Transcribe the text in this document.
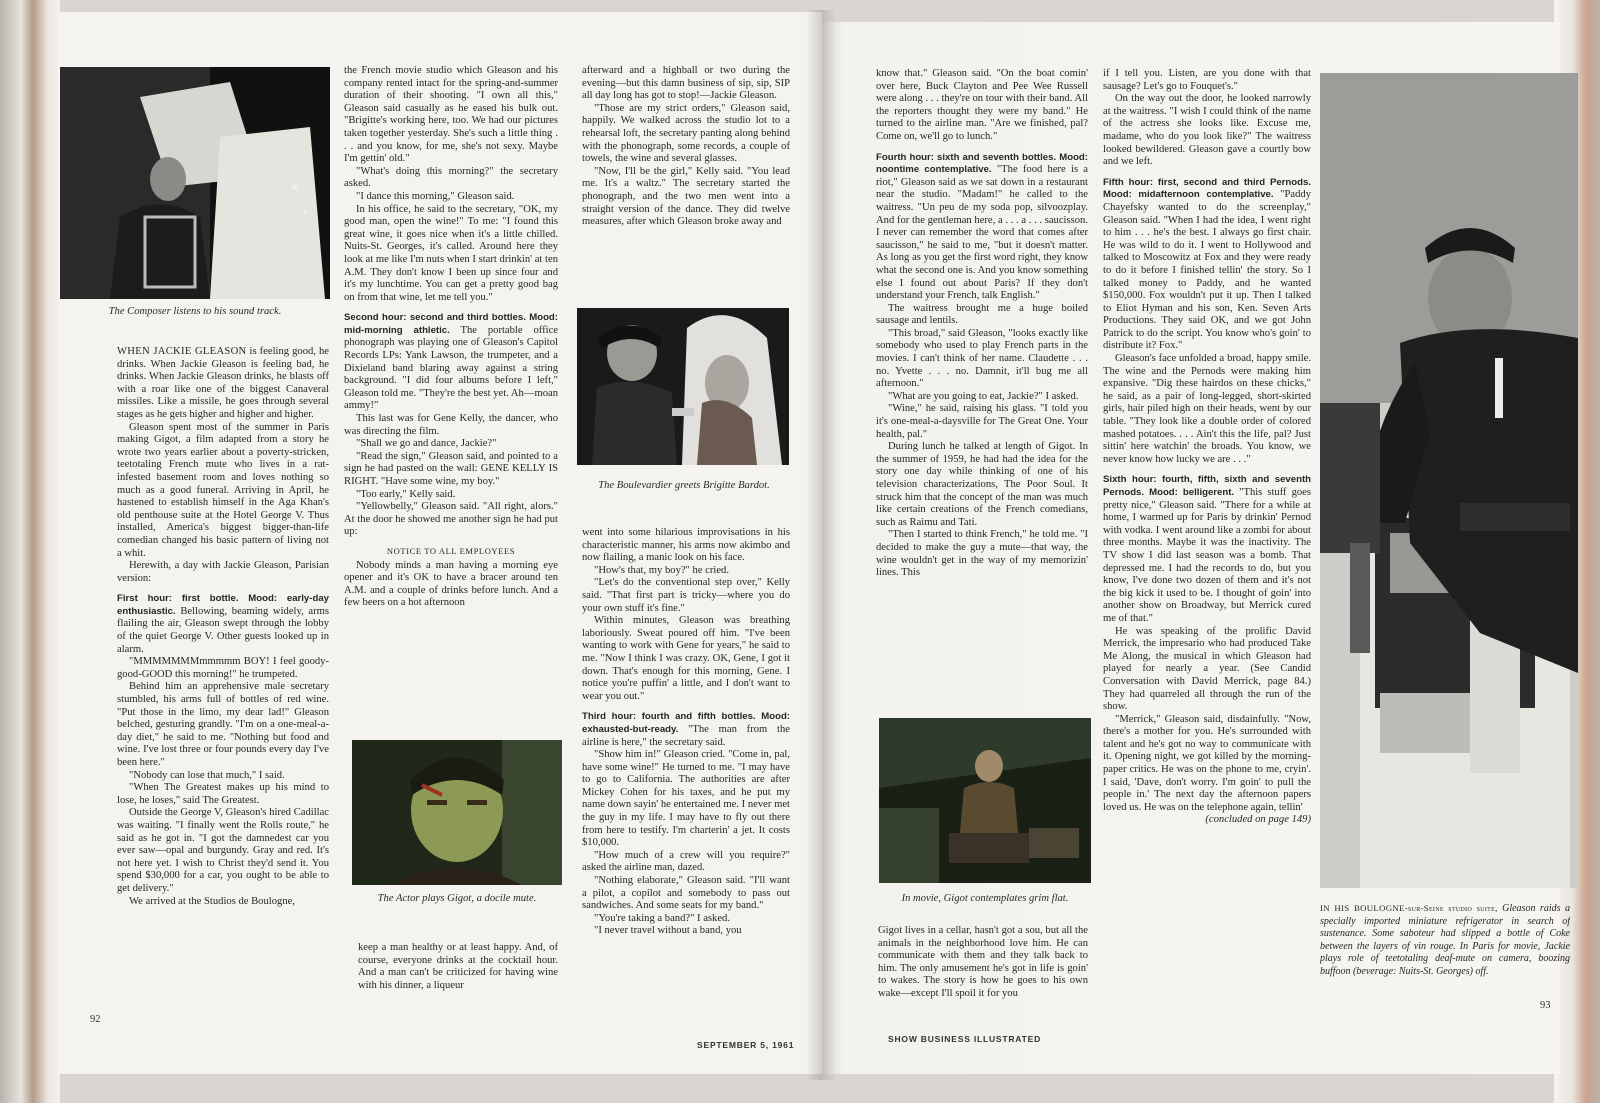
The Composer listens to his sound track.

WHEN JACKIE GLEASON is feeling good, he drinks. When Jackie Gleason is feeling bad, he drinks. When Jackie Gleason drinks, he blasts off with a roar like one of the biggest Canaveral missiles. Like a missile, he goes through several stages as he gets higher and higher and higher.

Gleason spent most of the summer in Paris making Gigot, a film adapted from a story he wrote two years earlier about a poverty-stricken, teetotaling French mute who lives in a rat-infested basement room and loves nothing so much as a good funeral. Arriving in April, he hastened to establish himself in the Aga Khan's old penthouse suite at the Hotel George V. Thus installed, America's biggest bigger-than-life comedian changed his basic pattern of living not a whit.

Herewith, a day with Jackie Gleason, Parisian version:

First hour: first bottle. Mood: early-day enthusiastic. Bellowing, beaming widely, arms flailing the air, Gleason swept through the lobby of the quiet George V. Other guests looked up in alarm.

"MMMMMMMmmmmm BOY! I feel goody-good-GOOD this morning!" he trumpeted.

Behind him an apprehensive male secretary stumbled, his arms full of bottles of red wine. "Put those in the limo, my dear lad!" Gleason belched, gesturing grandly. "I'm on a one-meal-a-day diet," he said to me. "Nothing but food and wine. I've lost three or four pounds every day I've been here."

"Nobody can lose that much," I said.

"When The Greatest makes up his mind to lose, he loses," said The Greatest.

Outside the George V, Gleason's hired Cadillac was waiting. "I finally went the Rolls route," he said as he got in. "I got the damnedest car you ever saw—opal and burgundy. Gray and red. It's not here yet. I wish to Christ they'd send it. You spend $30,000 for a car, you ought to be able to get delivery."

We arrived at the Studios de Boulogne,

the French movie studio which Gleason and his company rented intact for the spring-and-summer duration of their shooting. "I own all this," Gleason said casually as he eased his bulk out. "Brigitte's working here, too. We had our pictures taken together yesterday. She's such a little thing . . . and you know, for me, she's not sexy. Maybe I'm gettin' old."

"What's doing this morning?" the secretary asked.

"I dance this morning," Gleason said.

In his office, he said to the secretary, "OK, my good man, open the wine!" To me: "I found this great wine, it goes nice when it's a little chilled. Nuits-St. Georges, it's called. Around here they look at me like I'm nuts when I start drinkin' at ten A.M. They don't know I been up since four and it's my lunchtime. You can get a pretty good bag on from that wine, let me tell you."

Second hour: second and third bottles. Mood: mid-morning athletic. The portable office phonograph was playing one of Gleason's Capitol Records LPs: Yank Lawson, the trumpeter, and a Dixieland band blaring away against a string background. "I did four albums before I left," Gleason told me. "They're the best yet. Ah—moan ammy!"

This last was for Gene Kelly, the dancer, who was directing the film.

"Shall we go and dance, Jackie?"

"Read the sign," Gleason said, and pointed to a sign he had pasted on the wall: GENE KELLY IS RIGHT. "Have some wine, my boy."

"Too early," Kelly said.

"Yellowbelly," Gleason said. "All right, alors." At the door he showed me another sign he had put up:

NOTICE TO ALL EMPLOYEES

Nobody minds a man having a morning eye opener and it's OK to have a bracer around ten A.M. and a couple of drinks before lunch. And a few beers on a hot afternoon

The Actor plays Gigot, a docile mute.

keep a man healthy or at least happy. And, of course, everyone drinks at the cocktail hour. And a man can't be criticized for having wine with his dinner, a liqueur

afterward and a highball or two during the evening—but this damn business of sip, sip, SIP all day long has got to stop!—Jackie Gleason.

"Those are my strict orders," Gleason said, happily. We walked across the studio lot to a rehearsal loft, the secretary panting along behind with the phonograph, some records, a couple of towels, the wine and several glasses.

"Now, I'll be the girl," Kelly said. "You lead me. It's a waltz." The secretary started the phonograph, and the two men went into a straight version of the dance. They did twelve measures, after which Gleason broke away and

The Boulevardier greets Brigitte Bardot.

went into some hilarious improvisations in his characteristic manner, his arms now akimbo and now flailing, a manic look on his face.

"How's that, my boy?" he cried.

"Let's do the conventional step over," Kelly said. "That first part is tricky—where you do your own stuff it's fine."

Within minutes, Gleason was breathing laboriously. Sweat poured off him. "I've been wanting to work with Gene for years," he said to me. "Now I think I was crazy. OK, Gene, I got it down. That's enough for this morning, Gene. I notice you're puffin' a little, and I don't want to wear you out."

Third hour: fourth and fifth bottles. Mood: exhausted-but-ready. "The man from the airline is here," the secretary said.

"Show him in!" Gleason cried. "Come in, pal, have some wine!" He turned to me. "I may have to go to California. The authorities are after Mickey Cohen for his taxes, and he put my name down sayin' he entertained me. I never met the guy in my life. I may have to fly out there from here to testify. I'm charterin' a jet. It costs $10,000.

"How much of a crew will you require?" asked the airline man, dazed.

"Nothing elaborate," Gleason said. "I'll want a pilot, a copilot and somebody to pass out sandwiches. And some seats for my band."

"You're taking a band?" I asked.

"I never travel without a band, you

know that." Gleason said. "On the boat comin' over here, Buck Clayton and Pee Wee Russell were along . . . they're on tour with their band. All the reporters thought they were my band." He turned to the airline man. "Are we finished, pal? Come on, we'll go to lunch."

Fourth hour: sixth and seventh bottles. Mood: noontime contemplative. "The food here is a riot," Gleason said as we sat down in a restaurant near the studio. "Madam!" he called to the waitress. "Un peu de my soda pop, silvoozplay. And for the gentleman here, a . . . a . . . saucisson. I never can remember the word that comes after saucisson," he said to me, "but it doesn't matter. As long as you get the first word right, they know what the second one is. And you know something else I found out about Paris? If they don't understand your French, talk English."

The waitress brought me a huge boiled sausage and lentils.

"This broad," said Gleason, "looks exactly like somebody who used to play French parts in the movies. I can't think of her name. Claudette . . . no. Yvette . . . no. Damnit, it'll bug me all afternoon."

"What are you going to eat, Jackie?" I asked.

"Wine," he said, raising his glass. "I told you it's one-meal-a-daysville for The Great One. Your health, pal."

During lunch he talked at length of Gigot. In the summer of 1959, he had had the idea for the story one day while thinking of one of his television characterizations, The Poor Soul. It struck him that the concept of the man was much like certain creations of the French comedians, such as Raimu and Tati.

"Then I started to think French," he told me. "I decided to make the guy a mute—that way, the wine wouldn't get in the way of my memorizin' lines. This

In movie, Gigot contemplates grim flat.

Gigot lives in a cellar, hasn't got a sou, but all the animals in the neighborhood love him. He can communicate with them and they talk back to him. The only amusement he's got in life is goin' to wakes. The story is how he goes to his own wake—except I'll spoil it for you

if I tell you. Listen, are you done with that sausage? Let's go to Fouquet's."

On the way out the door, he looked narrowly at the waitress. "I wish I could think of the name of the actress she looks like. Excuse me, madame, who do you look like?" The waitress looked bewildered. Gleason gave a courtly bow and we left.

Fifth hour: first, second and third Pernods. Mood: midafternoon contemplative. "Paddy Chayefsky wanted to do the screenplay," Gleason said. "When I had the idea, I went right to him . . . he's the best. I always go first chair. He was wild to do it. I went to Hollywood and talked to Moscowitz at Fox and they were ready to do it before I finished tellin' the story. So I talked money to Paddy, and he wanted $150,000. Fox wouldn't put it up. Then I talked to Eliot Hyman and his son, Ken. Seven Arts Productions. They said OK, and we got John Patrick to do the script. You know who's goin' to distribute it? Fox."

Gleason's face unfolded a broad, happy smile. The wine and the Pernods were making him expansive. "Dig these hairdos on these chicks," he said, as a pair of long-legged, short-skirted girls, hair piled high on their heads, went by our table. "They look like a double order of colored mashed potatoes. . . . Ain't this the life, pal? Just sittin' here watchin' the broads. You know, we never know how lucky we are . . ."

Sixth hour: fourth, fifth, sixth and seventh Pernods. Mood: belligerent. "This stuff goes pretty nice," Gleason said. "There for a while at home, I warmed up for Paris by drinkin' Pernod with vodka. I went around like a zombi for about three months. Maybe it was the inactivity. The TV show I did last season was a bomb. That depressed me. I had the records to do, but you know, I've done two dozen of them and it's not the big kick it used to be. I thought of goin' into another show on Broadway, but Merrick cured me of that."

He was speaking of the prolific David Merrick, the impresario who had produced Take Me Along, the musical in which Gleason had played for nearly a year. (See Candid Conversation with David Merrick, page 84.) They had quarreled all through the run of the show.

"Merrick," Gleason said, disdainfully. "Now, there's a mother for you. He's surrounded with talent and he's got no way to communicate with it. Opening night, we got killed by the morning-paper critics. He was on the phone to me, cryin'. I said, 'Dave, don't worry. I'm goin' to pull the people in.' The next day the afternoon papers loved us. He was on the telephone again, tellin'

(concluded on page 149)

IN HIS BOULOGNE-sur-Seine studio suite, Gleason raids a specially imported miniature refrigerator in search of sustenance. Some saboteur had slipped a bottle of Coke between the layers of vin rouge. In Paris for movie, Jackie plays role of teetotaling deaf-mute on camera, boozing buffoon (beverage: Nuits-St. Georges) off.

92
93
SEPTEMBER 5, 1961
SHOW BUSINESS ILLUSTRATED
